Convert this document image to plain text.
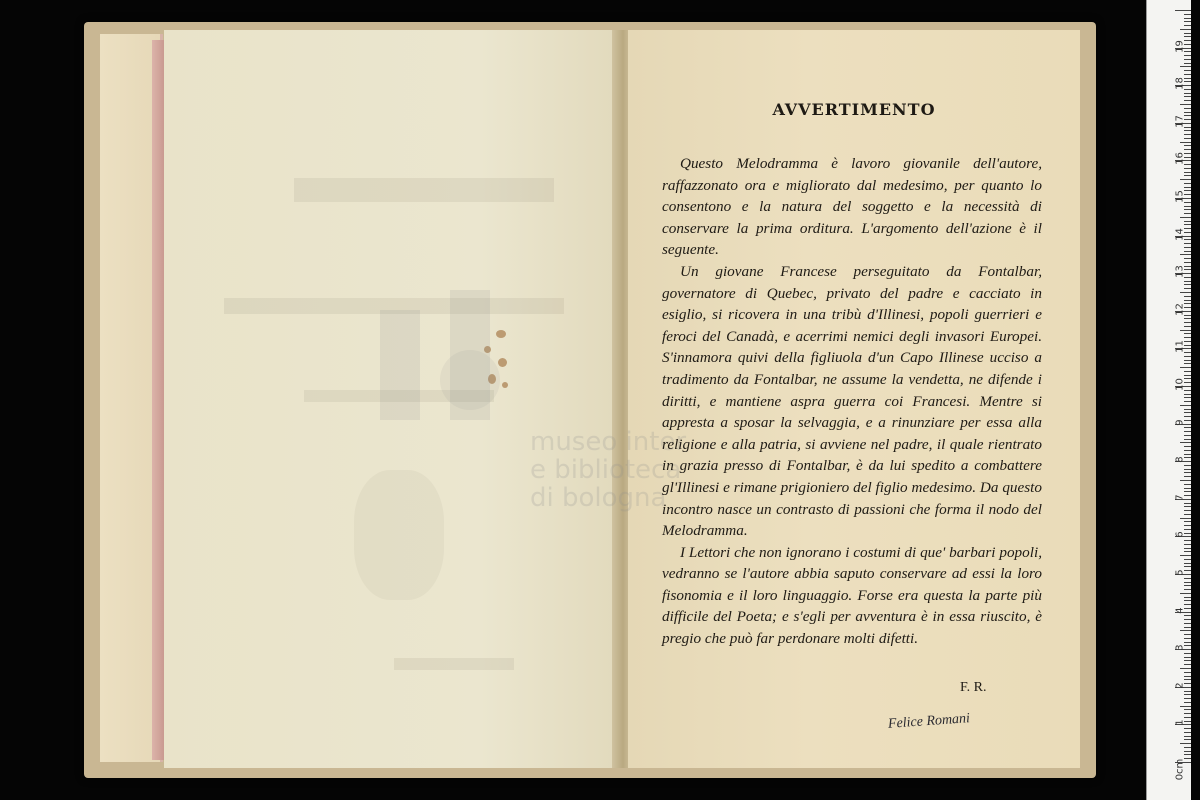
museo inter
e biblioteca
di bologna
AVVERTIMENTO

Questo Melodramma è lavoro giovanile dell'autore, raffazzonato ora e migliorato dal medesimo, per quanto lo consentono e la natura del soggetto e la necessità di conservare la prima orditura. L'argomento dell'azione è il seguente.

Un giovane Francese perseguitato da Fontalbar, governatore di Quebec, privato del padre e cacciato in esiglio, si ricovera in una tribù d'Illinesi, popoli guerrieri e feroci del Canadà, e acerrimi nemici degli invasori Europei. S'innamora quivi della figliuola d'un Capo Illinese ucciso a tradimento da Fontalbar, ne assume la vendetta, ne difende i diritti, e mantiene aspra guerra coi Francesi. Mentre si appresta a sposar la selvaggia, e a rinunziare per essa alla religione e alla patria, si avviene nel padre, il quale rientrato in grazia presso di Fontalbar, è da lui spedito a combattere gl'Illinesi e rimane prigioniero del figlio medesimo. Da questo incontro nasce un contrasto di passioni che forma il nodo del Melodramma.

I Lettori che non ignorano i costumi di que' barbari popoli, vedranno se l'autore abbia saputo conservare ad essi la loro fisonomia e il loro linguaggio. Forse era questa la parte più difficile del Poeta; e s'egli per avventura è in essa riuscito, è pregio che può far perdonare molti difetti.

F. R.
Felice Romani	1
2
3
4
5
6
7
8
9
10
11
12
13
14
15
16
17
18
19
0cm
